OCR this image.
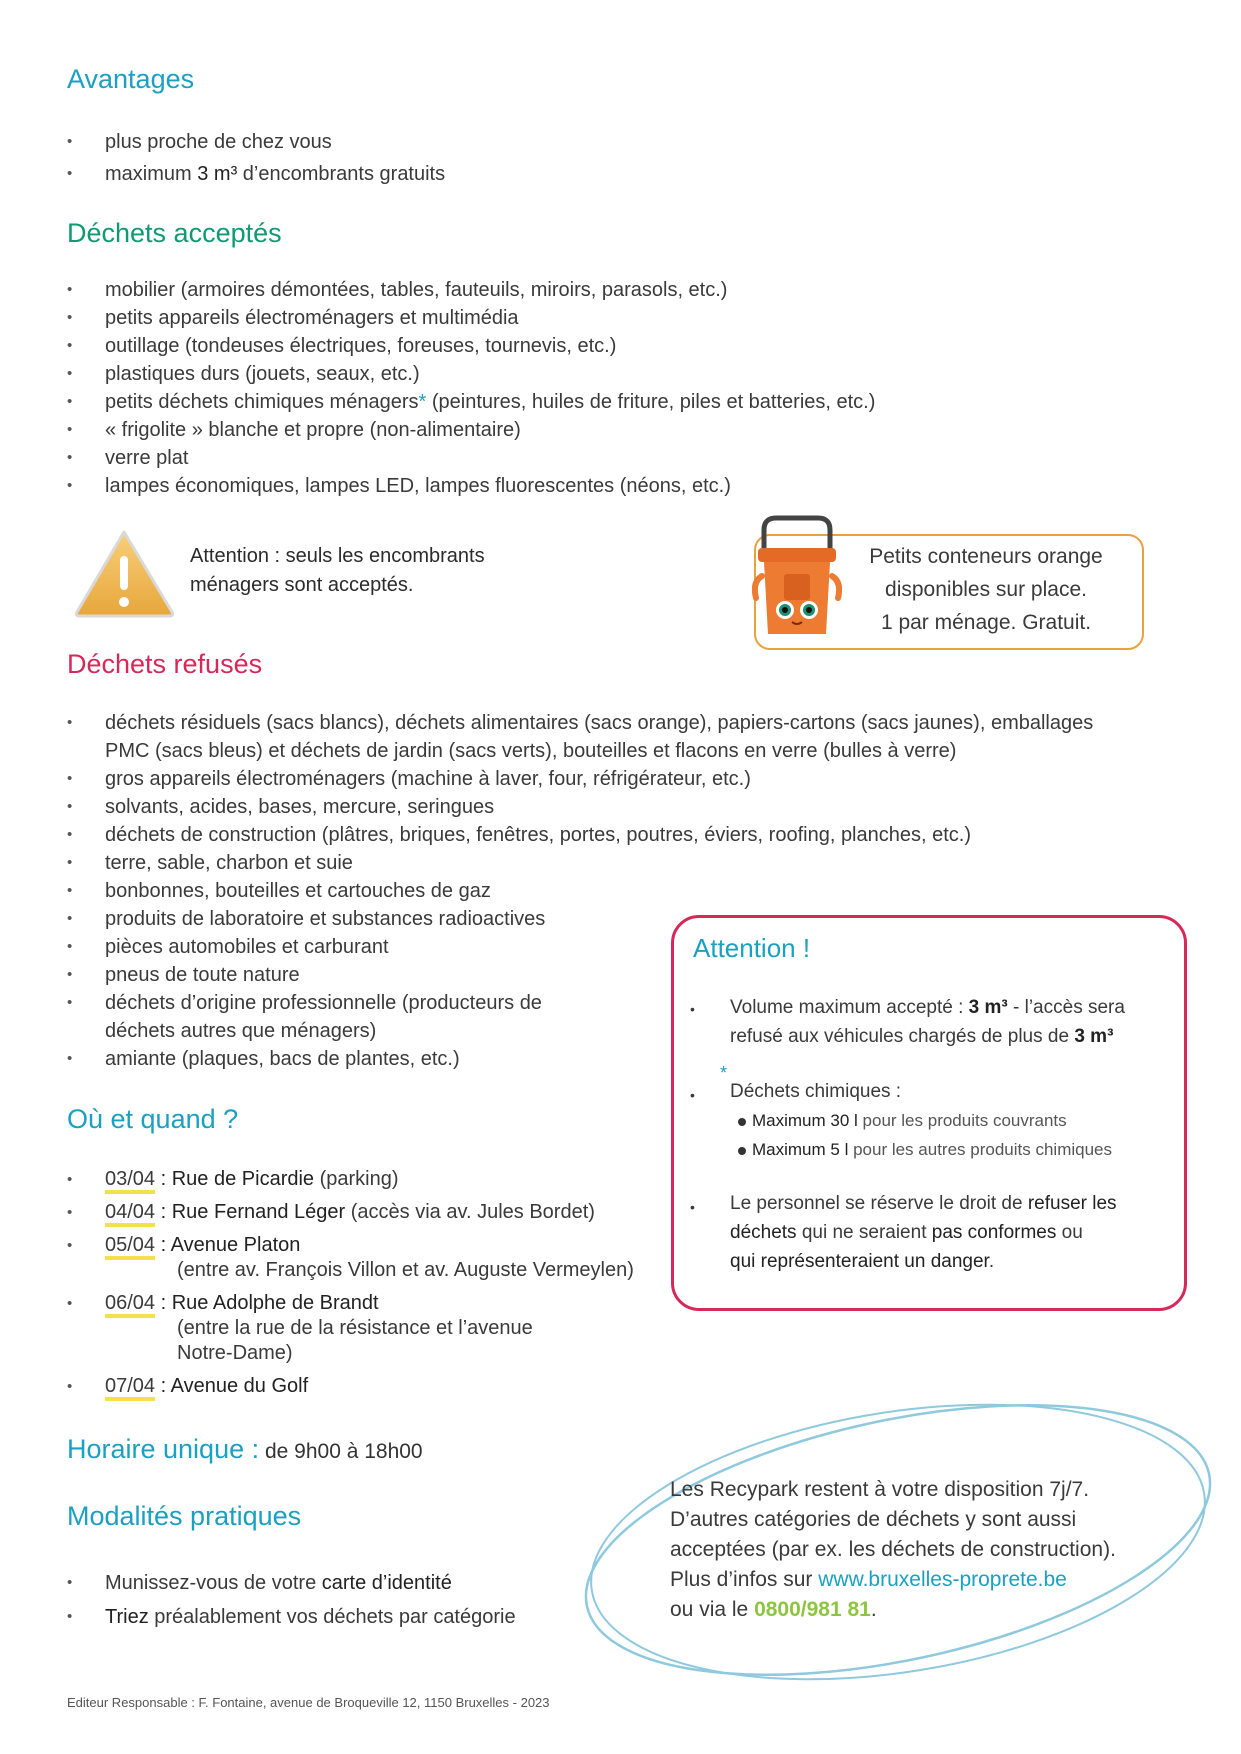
Avantages
• plus proche de chez vous
• maximum 3 m³ d’encombrants gratuits
Déchets acceptés
• mobilier (armoires démontées, tables, fauteuils, miroirs, parasols, etc.)
• petits appareils électroménagers et multimédia
• outillage (tondeuses électriques, foreuses, tournevis, etc.)
• plastiques durs (jouets, seaux, etc.)
• petits déchets chimiques ménagers* (peintures, huiles de friture, piles et batteries, etc.)
• « frigolite » blanche et propre (non-alimentaire)
• verre plat
• lampes économiques, lampes LED, lampes fluorescentes (néons, etc.)
Attention : seuls les encombrants
ménagers sont acceptés.
Petits conteneurs orange
disponibles sur place.
1 par ménage. Gratuit.
Déchets refusés
• déchets résiduels (sacs blancs), déchets alimentaires (sacs orange), papiers-cartons (sacs jaunes), emballages
PMC (sacs bleus) et déchets de jardin (sacs verts), bouteilles et flacons en verre (bulles à verre)
• gros appareils électroménagers (machine à laver, four, réfrigérateur, etc.)
• solvants, acides, bases, mercure, seringues
• déchets de construction (plâtres, briques, fenêtres, portes, poutres, éviers, roofing, planches, etc.)
• terre, sable, charbon et suie
• bonbonnes, bouteilles et cartouches de gaz
• produits de laboratoire et substances radioactives
• pièces automobiles et carburant
• pneus de toute nature
• déchets d’origine professionnelle (producteurs de
déchets autres que ménagers)
• amiante (plaques, bacs de plantes, etc.)
Attention !
• Volume maximum accepté : 3 m³ - l’accès sera
refusé aux véhicules chargés de plus de 3 m³
•
*
Déchets chimiques :
Maximum 30 l pour les produits couvrants
Maximum 5 l pour les autres produits chimiques
• Le personnel se réserve le droit de refuser les
déchets qui ne seraient pas conformes ou
qui représenteraient un danger.
Où et quand ?
• 03/04 : Rue de Picardie (parking)
• 04/04 : Rue Fernand Léger (accès via av. Jules Bordet)
• 05/04 : Avenue Platon
(entre av. François Villon et av. Auguste Vermeylen)
• 06/04 : Rue Adolphe de Brandt
(entre la rue de la résistance et l’avenue
Notre-Dame)
• 07/04 : Avenue du Golf
Horaire unique : de 9h00 à 18h00
Modalités pratiques
• Munissez-vous de votre carte d’identité
• Triez préalablement vos déchets par catégorie
Les Recypark restent à votre disposition 7j/7.
D’autres catégories de déchets y sont aussi
acceptées (par ex. les déchets de construction).
Plus d’infos sur www.bruxelles-proprete.be
ou via le 0800/981 81.
Editeur Responsable : F. Fontaine, avenue de Broqueville 12, 1150 Bruxelles - 2023
